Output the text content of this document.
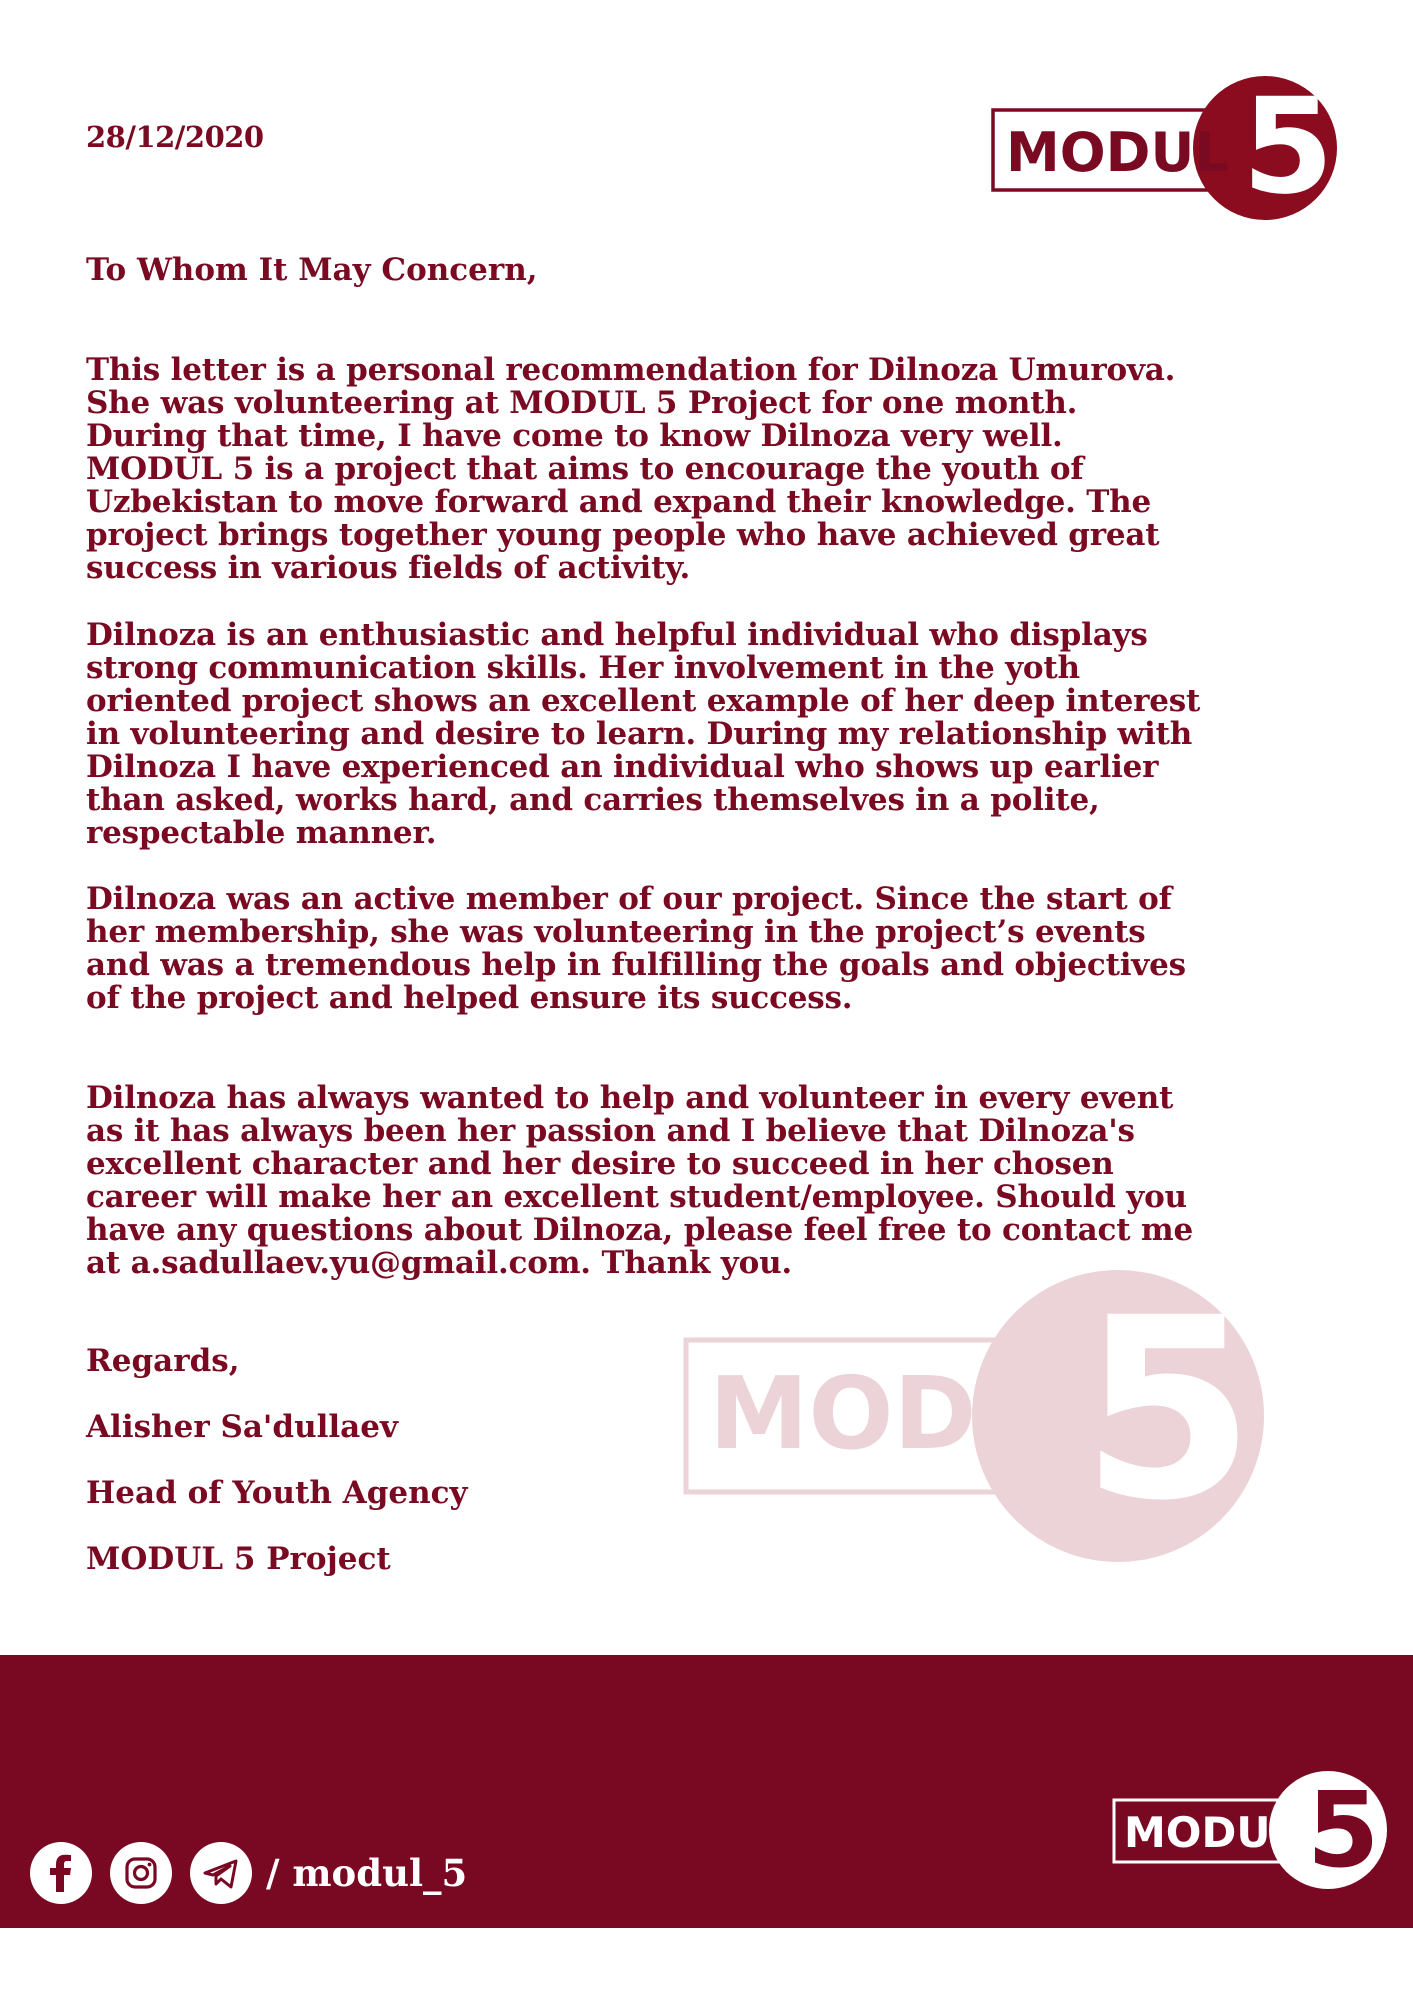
28/12/2020	MODUL 5
To Whom It May Concern,

This letter is a personal recommendation for Dilnoza Umurova. She was volunteering at MODUL 5 Project for one month. During that time, I have come to know Dilnoza very well. MODUL 5 is a project that aims to encourage the youth of Uzbekistan to move forward and expand their knowledge. The project brings together young people who have achieved great success in various fields of activity.

Dilnoza is an enthusiastic and helpful individual who displays strong communication skills. Her involvement in the yoth oriented project shows an excellent example of her deep interest in volunteering and desire to learn. During my relationship with Dilnoza I have experienced an individual who shows up earlier than asked, works hard, and carries themselves in a polite, respectable manner.

Dilnoza was an active member of our project. Since the start of her membership, she was volunteering in the project’s events and was a tremendous help in fulfilling the goals and objectives of the project and helped ensure its success.

Dilnoza has always wanted to help and volunteer in every event as it has always been her passion and I believe that Dilnoza's excellent character and her desire to succeed in her chosen career will make her an excellent student/employee. Should you have any questions about Dilnoza, please feel free to contact me at a.sadullaev.yu@gmail.com. Thank you.

MODUL
5
Regards,
Alisher Sa'dullaev
Head of Youth Agency
MODUL 5 Project
/ modul_5
MODUL 5
